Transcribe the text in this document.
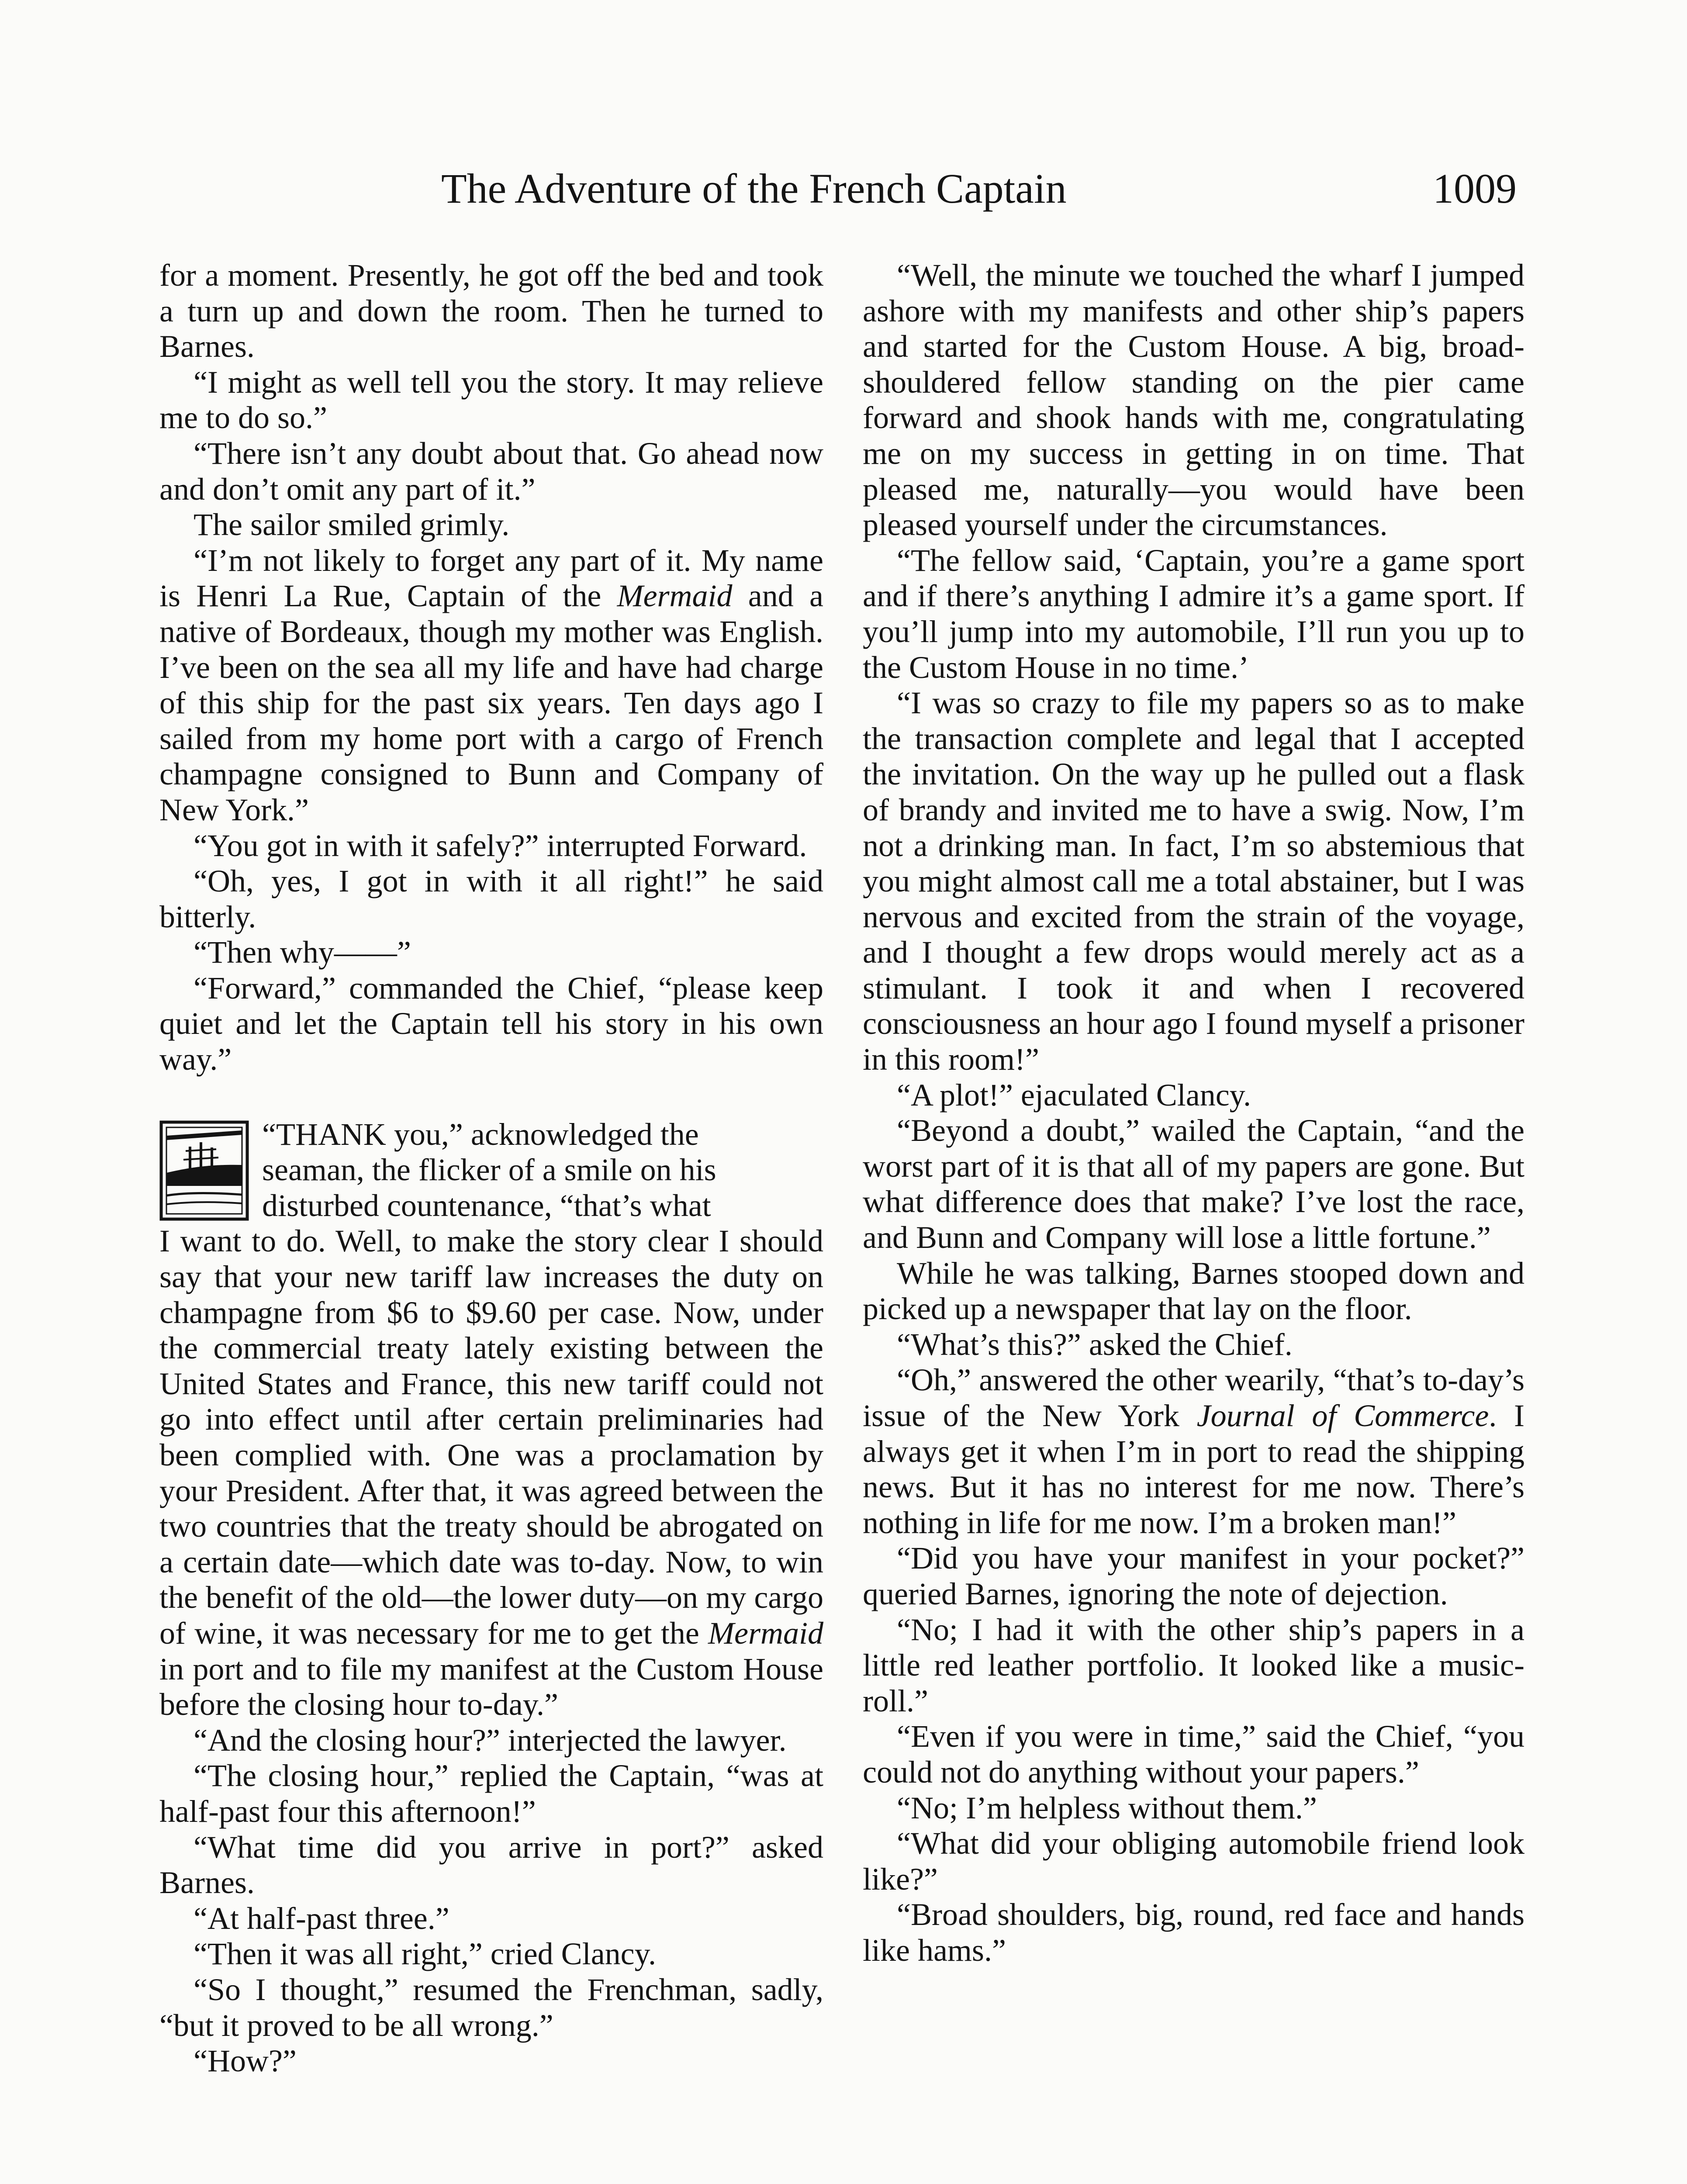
The Adventure of the French Captain	1009

for a moment. Presently, he got off the bed and took a turn up and down the room. Then he turned to Barnes.

“I might as well tell you the story. It may relieve me to do so.”

“There isn’t any doubt about that. Go ahead now and don’t omit any part of it.”

The sailor smiled grimly.

“I’m not likely to forget any part of it. My name is Henri La Rue, Captain of the Mermaid and a native of Bordeaux, though my mother was English. I’ve been on the sea all my life and have had charge of this ship for the past six years. Ten days ago I sailed from my home port with a cargo of French champagne consigned to Bunn and Company of New York.”

“You got in with it safely?” interrupted Forward.

“Oh, yes, I got in with it all right!” he said bitterly.

“Then why——”

“Forward,” commanded the Chief, “please keep quiet and let the Captain tell his story in his own way.”

“THANK you,” acknowledged the
seaman, the flicker of a smile on his
disturbed countenance, “that’s what

I want to do. Well, to make the story clear I should say that your new tariff law increases the duty on champagne from $6 to $9.60 per case. Now, under the commercial treaty lately existing between the United States and France, this new tariff could not go into effect until after certain preliminaries had been complied with. One was a proclamation by your President. After that, it was agreed between the two countries that the treaty should be abrogated on a certain date—which date was to-day. Now, to win the benefit of the old—the lower duty—on my cargo of wine, it was necessary for me to get the Mermaid in port and to file my manifest at the Custom House before the closing hour to-day.”

“And the closing hour?” interjected the lawyer.

“The closing hour,” replied the Captain, “was at half-past four this afternoon!”

“What time did you arrive in port?” asked Barnes.

“At half-past three.”

“Then it was all right,” cried Clancy.

“So I thought,” resumed the Frenchman, sadly, “but it proved to be all wrong.”

“How?”

“Well, the minute we touched the wharf I jumped ashore with my manifests and other ship’s papers and started for the Custom House. A big, broad-shouldered fellow standing on the pier came forward and shook hands with me, congratulating me on my success in getting in on time. That pleased me, naturally—you would have been pleased yourself under the circumstances.

“The fellow said, ‘Captain, you’re a game sport and if there’s anything I admire it’s a game sport. If you’ll jump into my automobile, I’ll run you up to the Custom House in no time.’

“I was so crazy to file my papers so as to make the transaction complete and legal that I accepted the invitation. On the way up he pulled out a flask of brandy and invited me to have a swig. Now, I’m not a drinking man. In fact, I’m so abstemious that you might almost call me a total abstainer, but I was nervous and excited from the strain of the voyage, and I thought a few drops would merely act as a stimulant. I took it and when I recovered consciousness an hour ago I found myself a prisoner in this room!”

“A plot!” ejaculated Clancy.

“Beyond a doubt,” wailed the Captain, “and the worst part of it is that all of my papers are gone. But what difference does that make? I’ve lost the race, and Bunn and Company will lose a little fortune.”

While he was talking, Barnes stooped down and picked up a newspaper that lay on the floor.

“What’s this?” asked the Chief.

“Oh,” answered the other wearily, “that’s to-day’s issue of the New York Journal of Commerce. I always get it when I’m in port to read the shipping news. But it has no interest for me now. There’s nothing in life for me now. I’m a broken man!”

“Did you have your manifest in your pocket?” queried Barnes, ignoring the note of dejection.

“No; I had it with the other ship’s papers in a little red leather portfolio. It looked like a music-roll.”

“Even if you were in time,” said the Chief, “you could not do anything without your papers.”

“No; I’m helpless without them.”

“What did your obliging automobile friend look like?”

“Broad shoulders, big, round, red face and hands like hams.”
